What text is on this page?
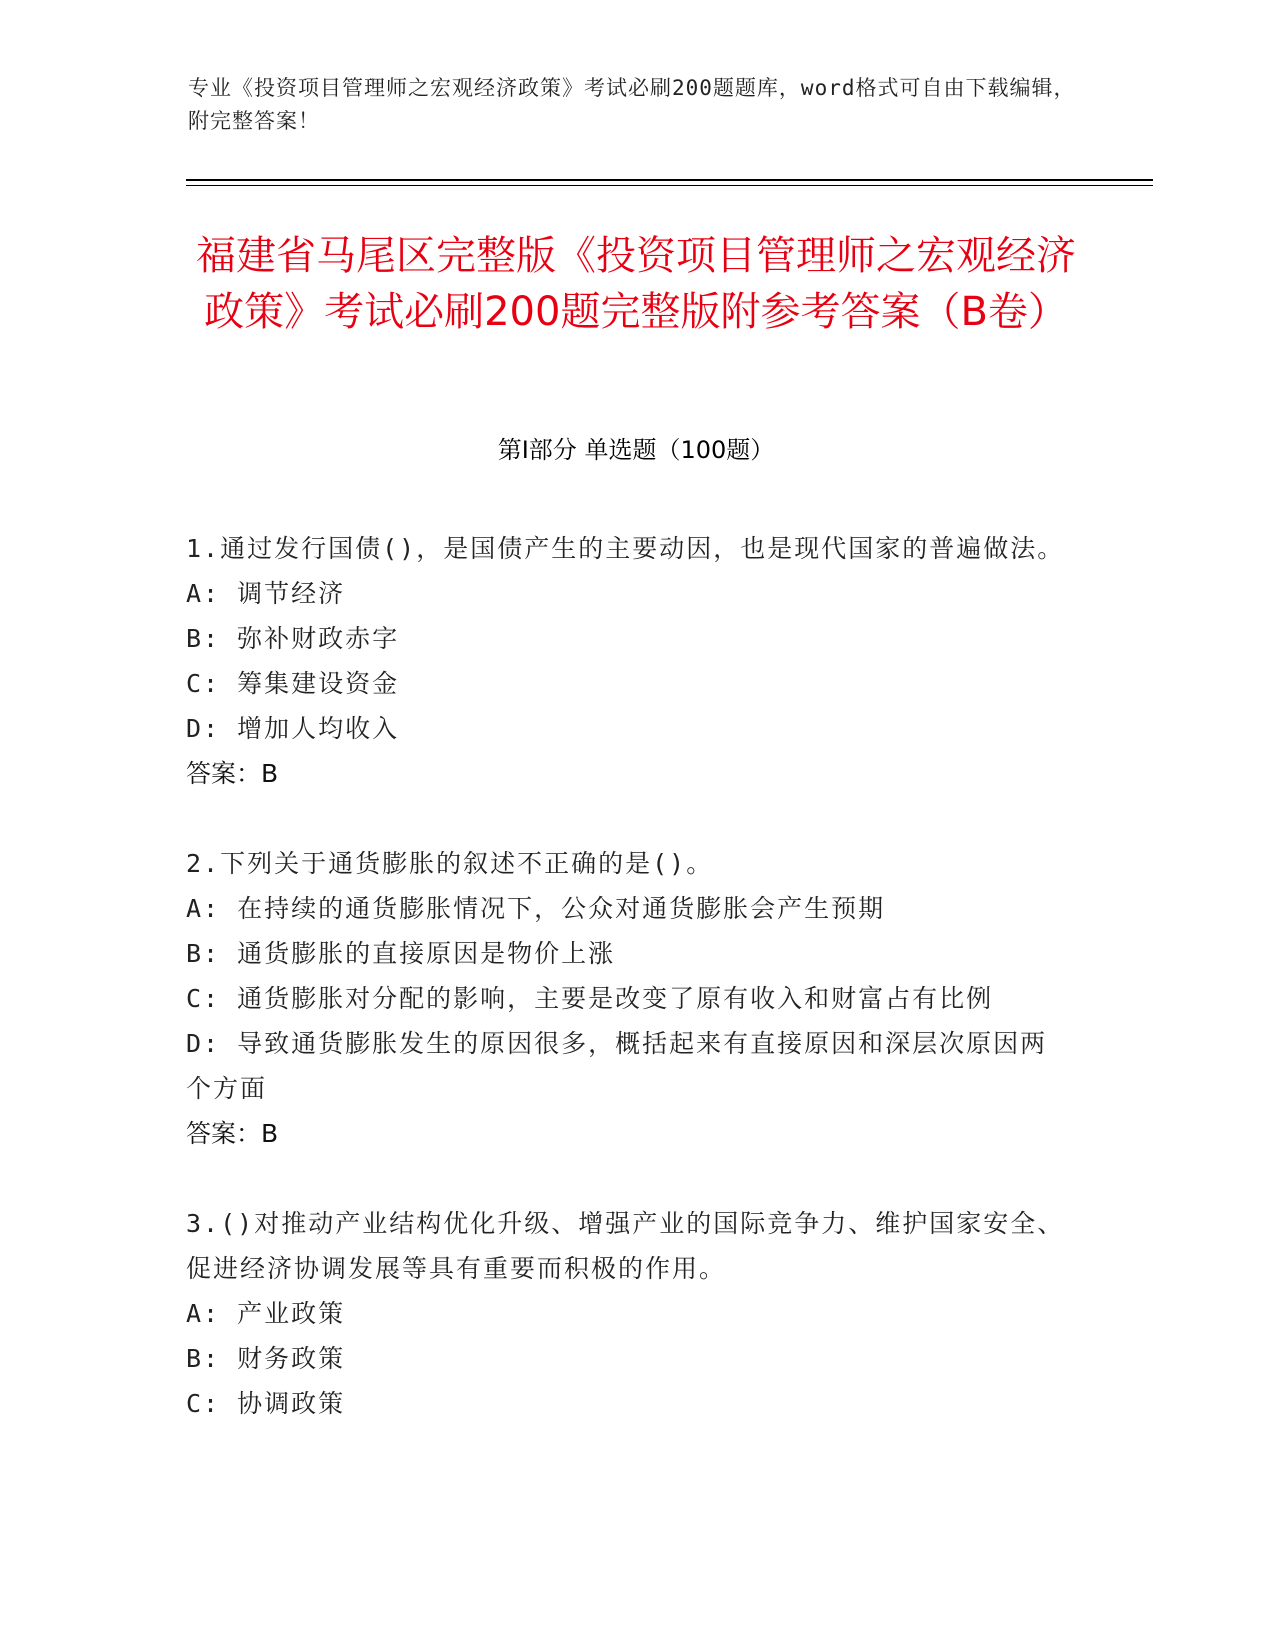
专业《投资项目管理师之宏观经济政策》考试必刷200题题库，word格式可自由下载编辑，附完整答案！
福建省马尾区完整版《投资项目管理师之宏观经济政策》考试必刷200题完整版附参考答案（B卷）
第Ⅰ部分 单选题（100题）
1.通过发行国债()，是国债产生的主要动因，也是现代国家的普遍做法。
A: 调节经济
B: 弥补财政赤字
C: 筹集建设资金
D: 增加人均收入
答案：B
2.下列关于通货膨胀的叙述不正确的是()。
A: 在持续的通货膨胀情况下，公众对通货膨胀会产生预期
B: 通货膨胀的直接原因是物价上涨
C: 通货膨胀对分配的影响，主要是改变了原有收入和财富占有比例
D: 导致通货膨胀发生的原因很多，概括起来有直接原因和深层次原因两个方面
答案：B
3.()对推动产业结构优化升级、增强产业的国际竞争力、维护国家安全、促进经济协调发展等具有重要而积极的作用。
A: 产业政策
B: 财务政策
C: 协调政策
